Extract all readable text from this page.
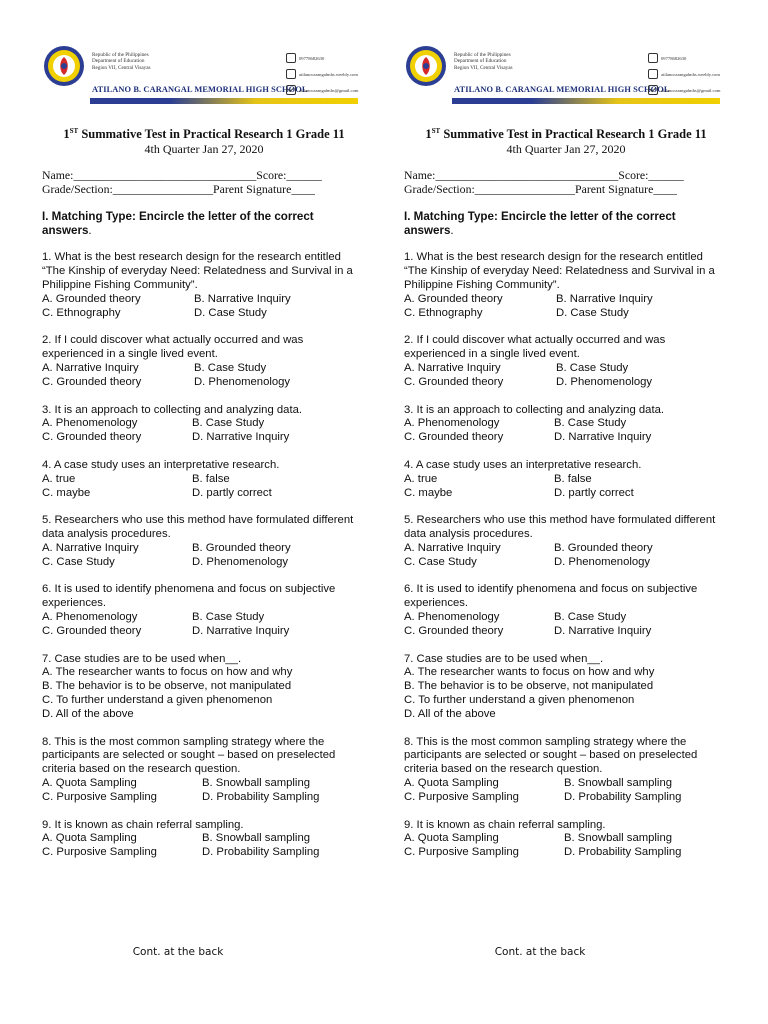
Republic of the Philippines
Department of Education
Region VII, Central Visayas
ATILANO B. CARANGAL MEMORIAL HIGH SCHOOL
09778682630
atilanocarangalmhs.weebly.com
atilanocarangalmhs@gmail.com
1ST Summative Test in Practical Research 1 Grade 11
4th Quarter Jan 27, 2020
Name:_______________________________Score:______
Grade/Section:_________________Parent Signature____
I. Matching Type: Encircle the letter of the correct answers.
1. What is the best research design for the research entitled “The Kinship of everyday Need: Relatedness and Survival in a Philippine Fishing Community”.
A. Grounded theory	B. Narrative Inquiry
C. Ethnography	D. Case Study
2. If I could discover what actually occurred and was experienced in a single lived event.
A. Narrative Inquiry	B. Case Study
C. Grounded theory	D. Phenomenology
3. It is an approach to collecting and analyzing data.
A. Phenomenology	B. Case Study
C. Grounded theory	D. Narrative Inquiry
4. A case study uses an interpretative research.
A. true	B. false
C. maybe	D. partly correct
5. Researchers who use this method have formulated different data analysis procedures.
A. Narrative Inquiry	B. Grounded theory
C. Case Study	D. Phenomenology
6. It is used to identify phenomena and focus on subjective experiences.
A. Phenomenology	B. Case Study
C. Grounded theory	D. Narrative Inquiry
7. Case studies are to be used when__.
A. The researcher wants to focus on how and why
B. The behavior is to be observe, not manipulated
C. To further understand a given phenomenon
D. All of the above
8. This is the most common sampling strategy where the participants are selected or sought – based on preselected criteria based on the research question.
A. Quota Sampling	B. Snowball sampling
C. Purposive Sampling	D. Probability Sampling
9. It is known as chain referral sampling.
A. Quota Sampling	B. Snowball sampling
C. Purposive Sampling	D. Probability Sampling
Republic of the Philippines
Department of Education
Region VII, Central Visayas
ATILANO B. CARANGAL MEMORIAL HIGH SCHOOL
09778682630
atilanocarangalmhs.weebly.com
atilanocarangalmhs@gmail.com
1ST Summative Test in Practical Research 1 Grade 11
4th Quarter Jan 27, 2020
Name:_______________________________Score:______
Grade/Section:_________________Parent Signature____
I. Matching Type: Encircle the letter of the correct answers.
1. What is the best research design for the research entitled “The Kinship of everyday Need: Relatedness and Survival in a Philippine Fishing Community”.
A. Grounded theory	B. Narrative Inquiry
C. Ethnography	D. Case Study
2. If I could discover what actually occurred and was experienced in a single lived event.
A. Narrative Inquiry	B. Case Study
C. Grounded theory	D. Phenomenology
3. It is an approach to collecting and analyzing data.
A. Phenomenology	B. Case Study
C. Grounded theory	D. Narrative Inquiry
4. A case study uses an interpretative research.
A. true	B. false
C. maybe	D. partly correct
5. Researchers who use this method have formulated different data analysis procedures.
A. Narrative Inquiry	B. Grounded theory
C. Case Study	D. Phenomenology
6. It is used to identify phenomena and focus on subjective experiences.
A. Phenomenology	B. Case Study
C. Grounded theory	D. Narrative Inquiry
7. Case studies are to be used when__.
A. The researcher wants to focus on how and why
B. The behavior is to be observe, not manipulated
C. To further understand a given phenomenon
D. All of the above
8. This is the most common sampling strategy where the participants are selected or sought – based on preselected criteria based on the research question.
A. Quota Sampling	B. Snowball sampling
C. Purposive Sampling	D. Probability Sampling
9. It is known as chain referral sampling.
A. Quota Sampling	B. Snowball sampling
C. Purposive Sampling	D. Probability Sampling
Cont. at the back	Cont. at the back
